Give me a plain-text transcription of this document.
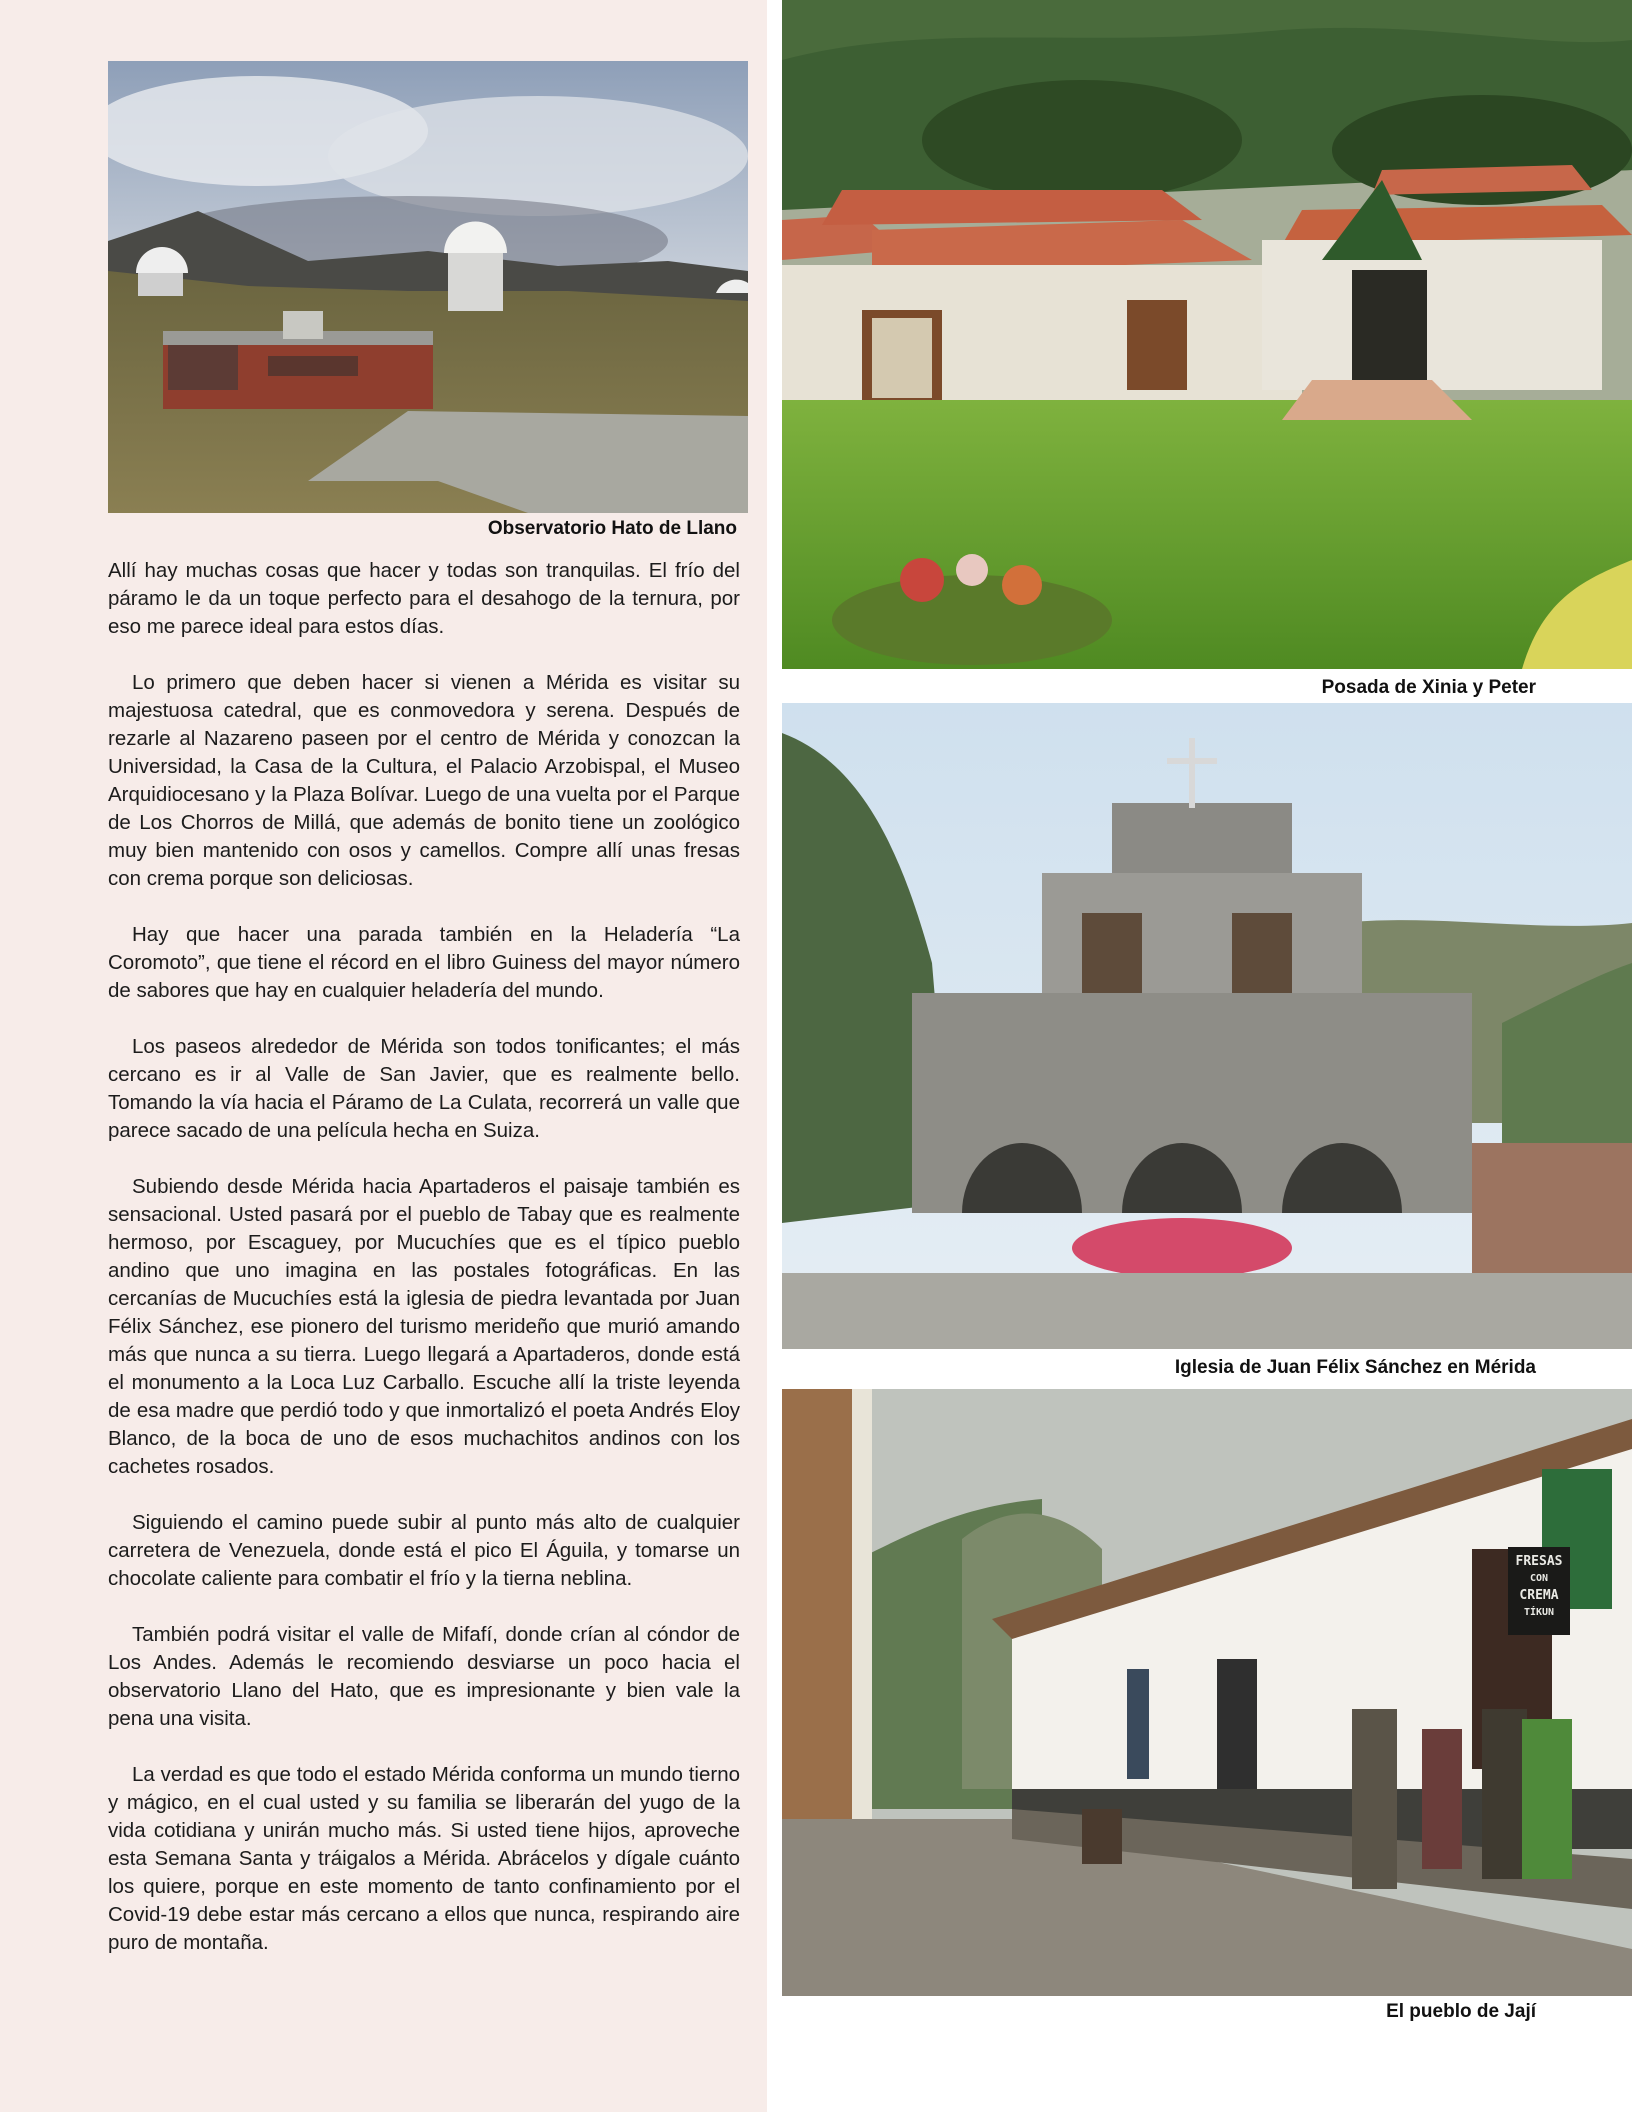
Observatorio Hato de Llano
Posada de Xinia y Peter
Iglesia de Juan Félix Sánchez en Mérida
FRESAS
CON
CREMA
TÍKUN
El pueblo de Jají

Allí hay muchas cosas que hacer y todas son tranquilas. El frío del páramo le da un toque perfecto para el desahogo de la ternura, por eso me parece ideal para estos días.

Lo primero que deben hacer si vienen a Mérida es visitar su majestuosa catedral, que es conmovedora y serena. Después de rezarle al Nazareno paseen por el centro de Mérida y conozcan la Universidad, la Casa de la Cultura, el Palacio Arzobispal, el Museo Arquidiocesano y la Plaza Bolívar. Luego de una vuelta por el Parque de Los Chorros de Millá, que además de bonito tiene un zoológico muy bien mantenido con osos y camellos. Compre allí unas fresas con crema porque son deliciosas.

Hay que hacer una parada también en la Heladería “La Coromoto”, que tiene el récord en el libro Guiness del mayor número de sabores que hay en cualquier heladería del mundo.

Los paseos alrededor de Mérida son todos tonificantes; el más cercano es ir al Valle de San Javier, que es realmente bello. Tomando la vía hacia el Páramo de La Culata, recorrerá un valle que parece sacado de una película hecha en Suiza.

Subiendo desde Mérida hacia Apartaderos el paisaje también es sensacional. Usted pasará por el pueblo de Tabay que es realmente hermoso, por Escaguey, por Mucuchíes que es el típico pueblo andino que uno imagina en las postales fotográficas. En las cercanías de Mucuchíes está la iglesia de piedra levantada por Juan Félix Sánchez, ese pionero del turismo merideño que murió amando más que nunca a su tierra. Luego llegará a Apartaderos, donde está el monumento a la Loca Luz Carballo. Escuche allí la triste leyenda de esa madre que perdió todo y que inmortalizó el poeta Andrés Eloy Blanco, de la boca de uno de esos muchachitos andinos con los cachetes rosados.

Siguiendo el camino puede subir al punto más alto de cualquier carretera de Venezuela, donde está el pico El Águila, y tomarse un chocolate caliente para combatir el frío y la tierna neblina.

También podrá visitar el valle de Mifafí, donde crían al cóndor de Los Andes. Además le recomiendo desviarse un poco hacia el observatorio Llano del Hato, que es impresionante y bien vale la pena una visita.

La verdad es que todo el estado Mérida conforma un mundo tierno y mágico, en el cual usted y su familia se liberarán del yugo de la vida cotidiana y unirán mucho más. Si usted tiene hijos, aproveche esta Semana Santa y tráigalos a Mérida. Abrácelos y dígale cuánto los quiere, porque en este momento de tanto confinamiento por el Covid-19 debe estar más cercano a ellos que nunca, respirando aire puro de montaña.
